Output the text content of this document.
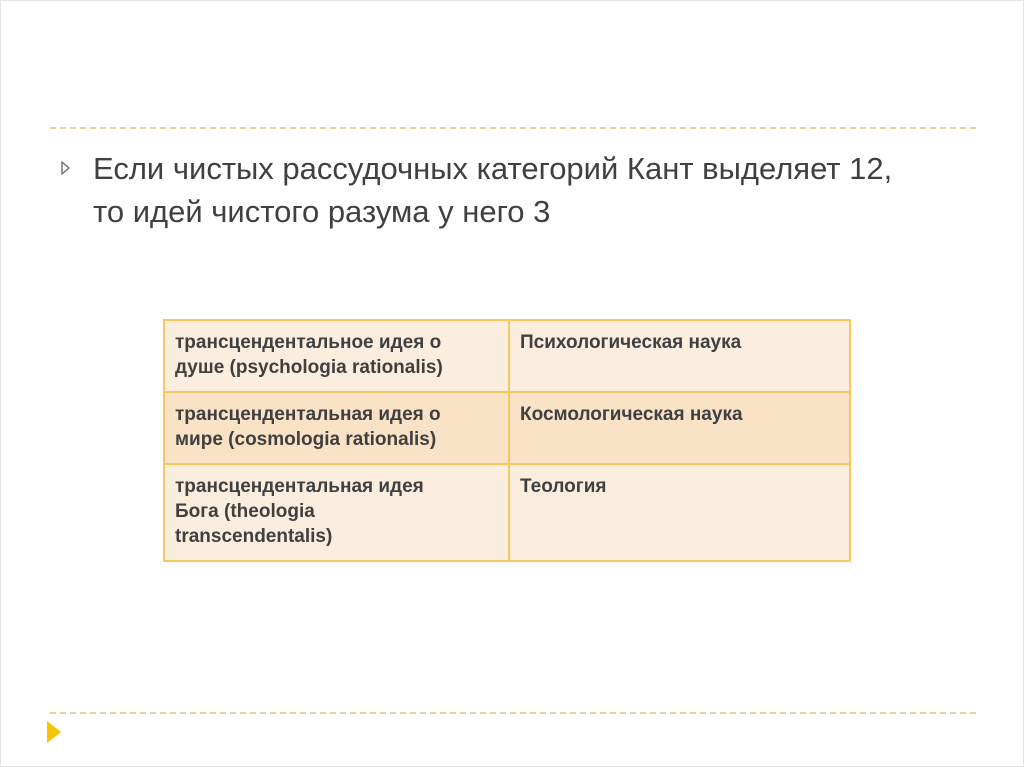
Если чистых рассудочных категорий Кант выделяет 12,
то идей чистого разума у него 3
трансцендентальное идея о
душе (psychologia rationalis)	Психологическая наука

трансцендентальная идея о
мире (cosmologia rationalis)	Космологическая наука

трансцендентальная идея
Бога (theologia
transcendentalis)	Теология
